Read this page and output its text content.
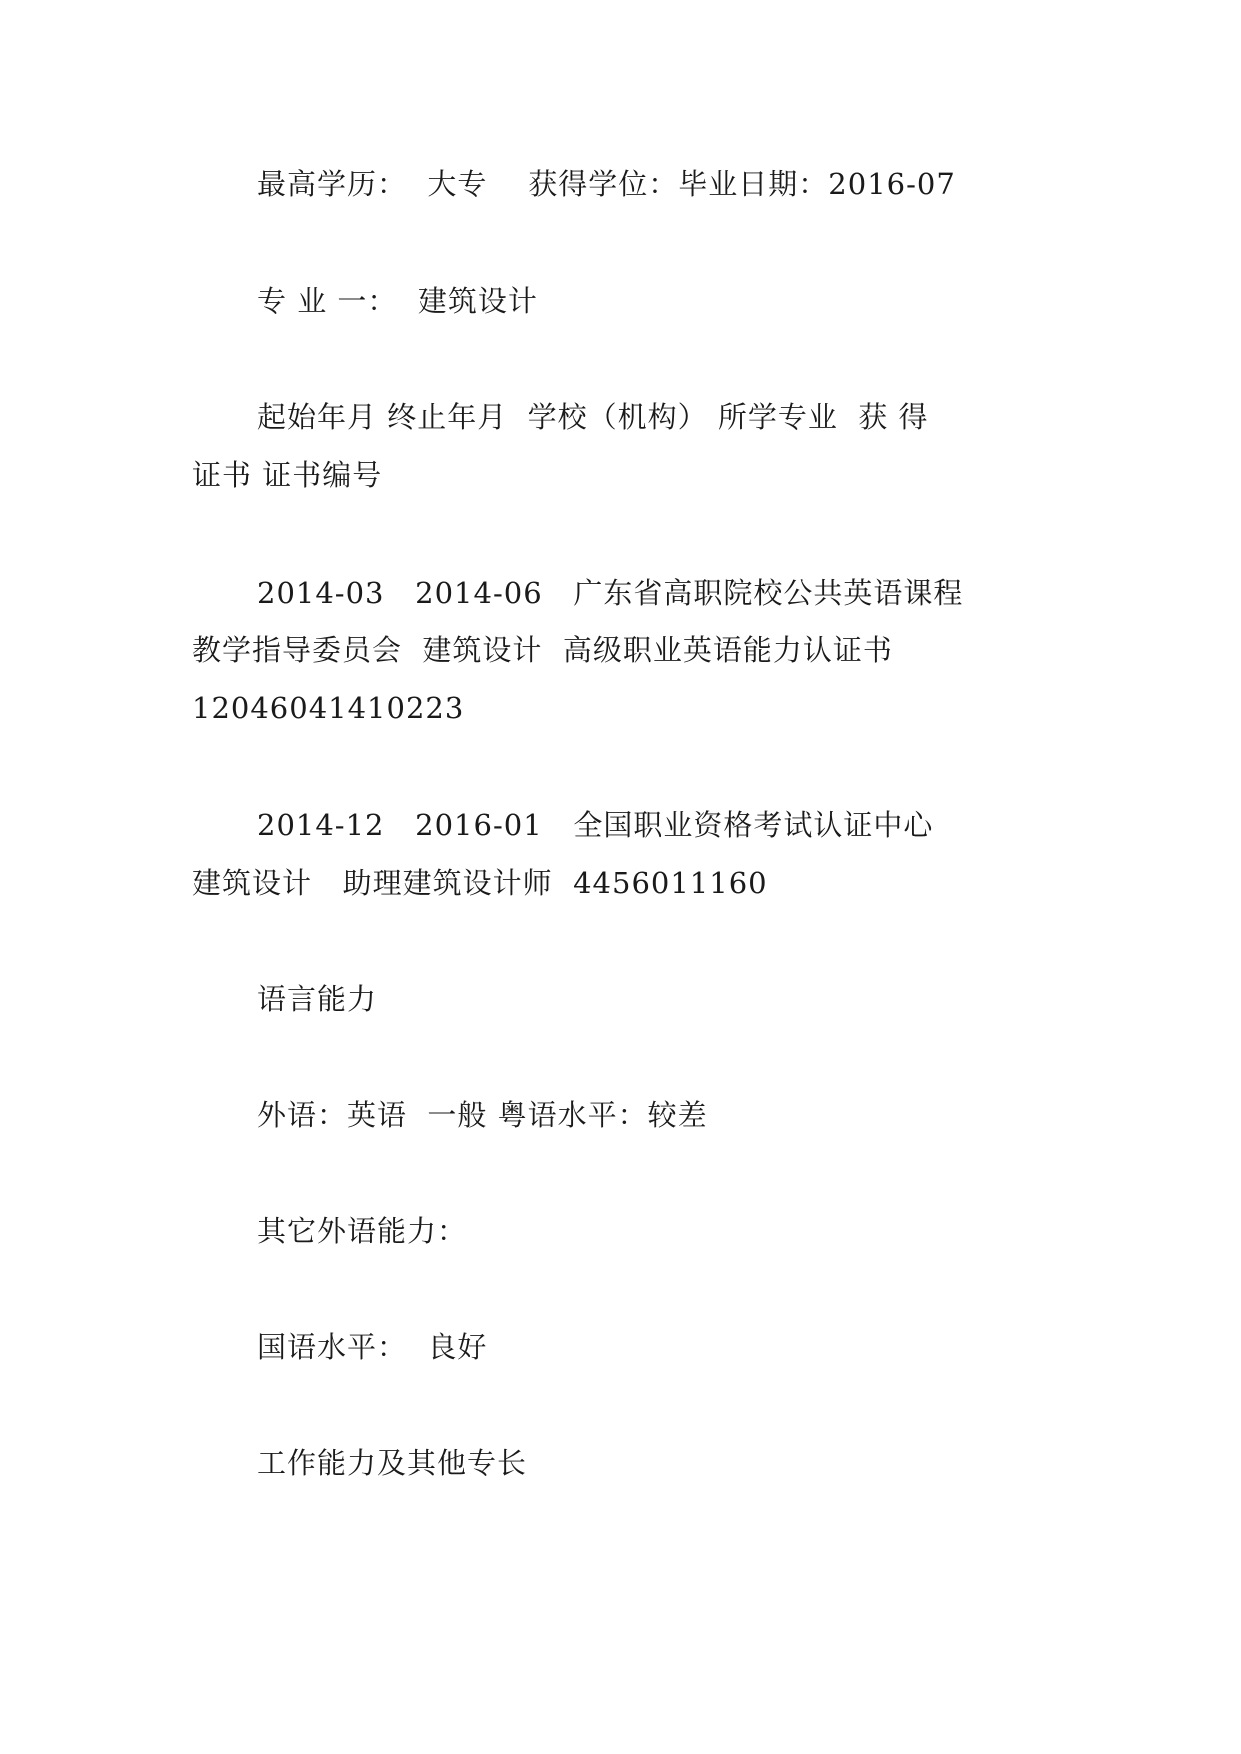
最高学历：  大专    获得学位：毕业日期：2016-07
专 业 一：  建筑设计
起始年月 终止年月  学校（机构） 所学专业  获 得
证书 证书编号
2014-03   2014-06   广东省高职院校公共英语课程
教学指导委员会  建筑设计  高级职业英语能力认证书
12046041410223
2014-12   2016-01   全国职业资格考试认证中心
建筑设计   助理建筑设计师  4456011160
语言能力
外语：英语  一般 粤语水平：较差
其它外语能力：
国语水平：  良好
工作能力及其他专长
